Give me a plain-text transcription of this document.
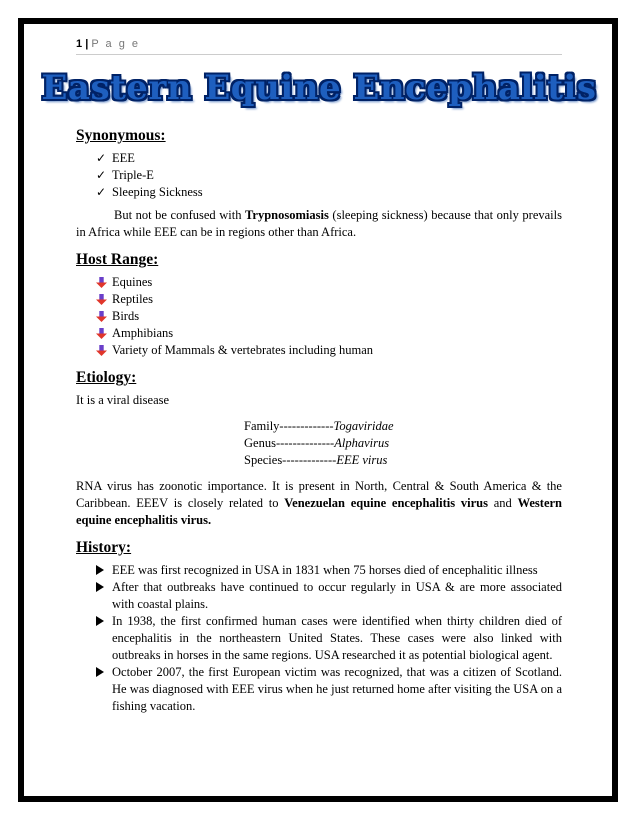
1 | P a g e
Eastern Equine Encephalitis
Synonymous:
✓ EEE
✓ Triple-E
✓ Sleeping Sickness

But not be confused with Trypnosomiasis (sleeping sickness) because that only prevails in Africa while EEE can be in regions other than Africa.

Host Range:
Equines
Reptiles
Birds
Amphibians
Variety of Mammals & vertebrates including human
Etiology:

It is a viral disease

Family-------------Togaviridae
Genus--------------Alphavirus
Species-------------EEE virus

RNA virus has zoonotic importance. It is present in North, Central & South America & the Caribbean. EEEV is closely related to Venezuelan equine encephalitis virus and Western equine encephalitis virus.

History:
EEE was first recognized in USA in 1831 when 75 horses died of encephalitic illness
After that outbreaks have continued to occur regularly in USA & are more associated with coastal plains.
In 1938, the first confirmed human cases were identified when thirty children died of encephalitis in the northeastern United States. These cases were also linked with outbreaks in horses in the same regions. USA researched it as potential biological agent.
October 2007, the first European victim was recognized, that was a citizen of Scotland. He was diagnosed with EEE virus when he just returned home after visiting the USA on a fishing vacation.
